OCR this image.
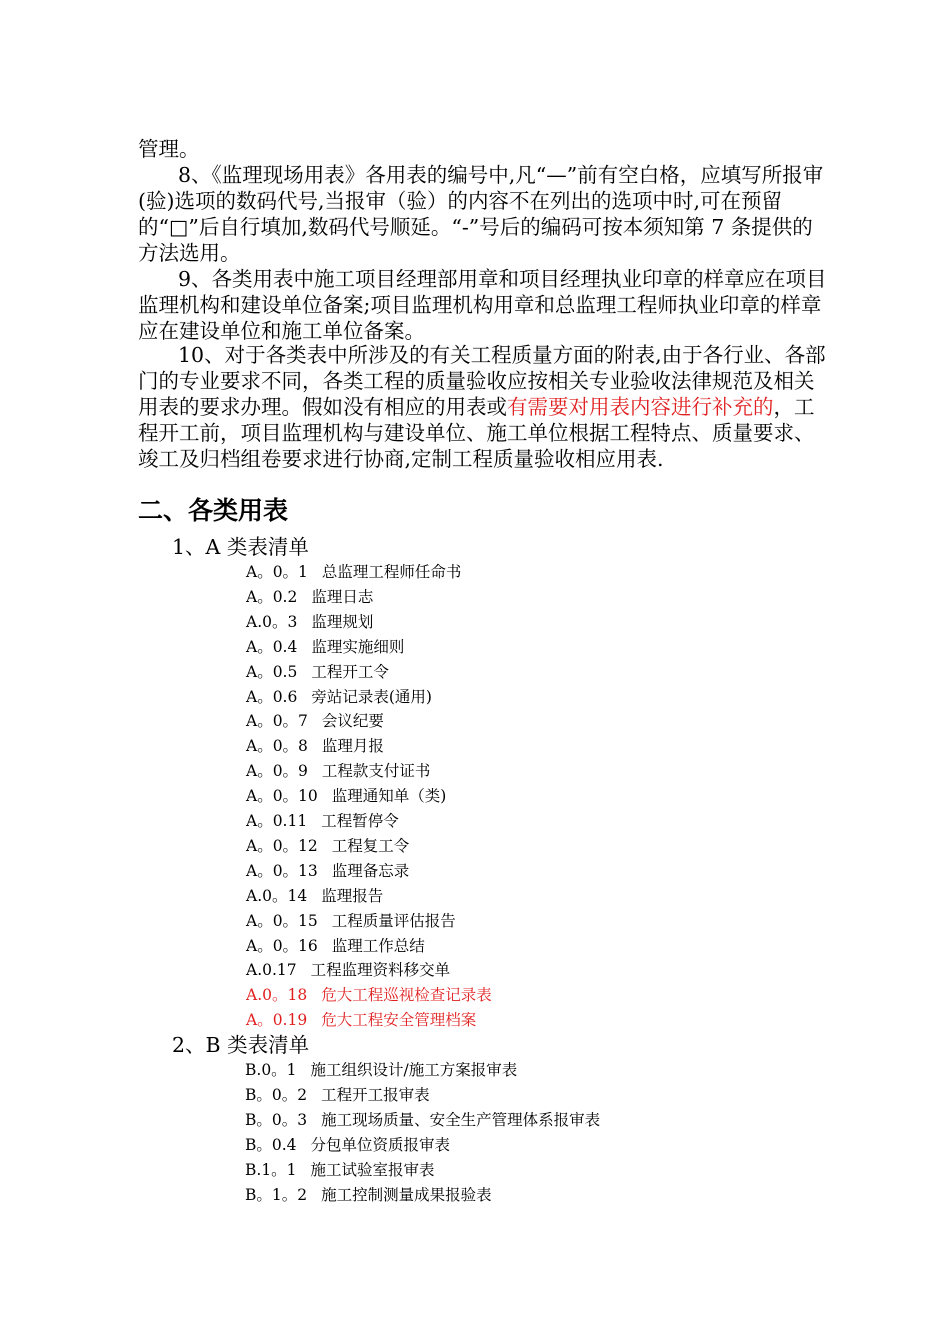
管理。

8、《监理现场用表》各用表的编号中,凡“—”前有空白格，应填写所报审(验)选项的数码代号,当报审（验）的内容不在列出的选项中时,可在预留的“□”后自行填加,数码代号顺延。“-”号后的编码可按本须知第 7 条提供的方法选用。

9、各类用表中施工项目经理部用章和项目经理执业印章的样章应在项目监理机构和建设单位备案;项目监理机构用章和总监理工程师执业印章的样章应在建设单位和施工单位备案。

10、对于各类表中所涉及的有关工程质量方面的附表,由于各行业、各部门的专业要求不同，各类工程的质量验收应按相关专业验收法律规范及相关用表的要求办理。假如没有相应的用表或有需要对用表内容进行补充的，工程开工前，项目监理机构与建设单位、施工单位根据工程特点、质量要求、竣工及归档组卷要求进行协商,定制工程质量验收相应用表.

二、各类用表

1、A 类表清单

A。0。1 总监理工程师任命书
A。0.2 监理日志
A.0。3 监理规划
A。0.4 监理实施细则
A。0.5 工程开工令
A。0.6 旁站记录表(通用)
A。0。7 会议纪要
A。0。8 监理月报
A。0。9 工程款支付证书
A。0。10 监理通知单（类)
A。0.11 工程暂停令
A。0。12 工程复工令
A。0。13 监理备忘录
A.0。14 监理报告
A。0。15 工程质量评估报告
A。0。16 监理工作总结
A.0.17 工程监理资料移交单
A.0。18 危大工程巡视检查记录表
A。0.19 危大工程安全管理档案

2、B 类表清单

B.0。1 施工组织设计/施工方案报审表
B。0。2 工程开工报审表
B。0。3 施工现场质量、安全生产管理体系报审表
B。0.4 分包单位资质报审表
B.1。1 施工试验室报审表
B。1。2 施工控制测量成果报验表
